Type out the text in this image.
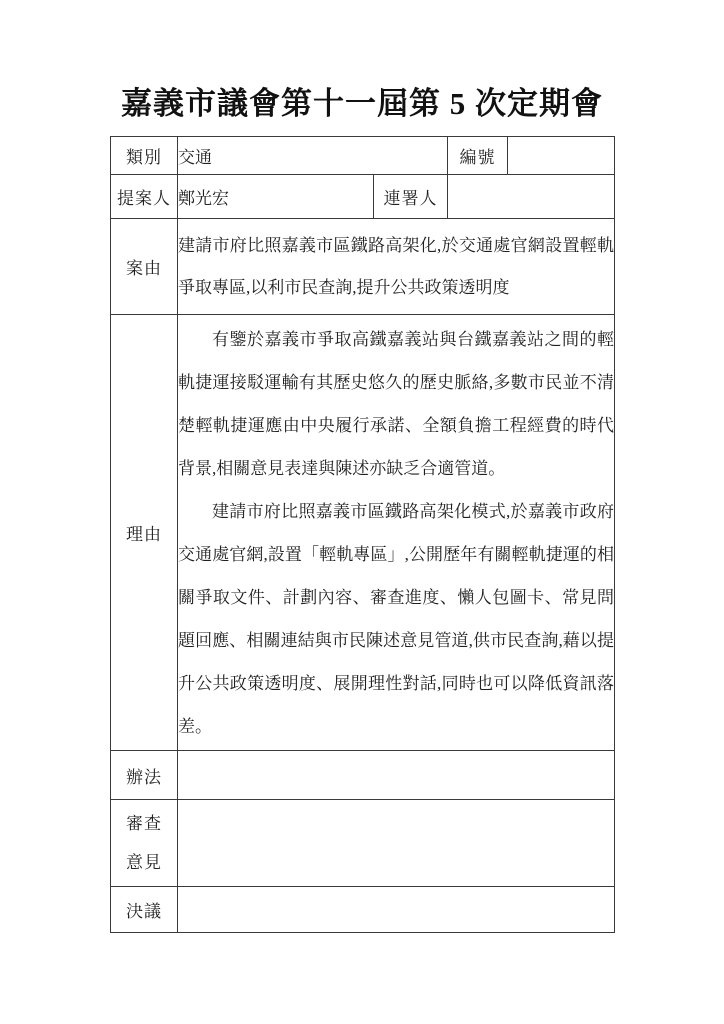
嘉義市議會第十一屆第 5 次定期會
類別	交通		編號	
提案人	鄭光宏	連署人		
案由	建請市府比照嘉義市區鐵路高架化,於交通處官網設置輕軌爭取專區,以利市民查詢,提升公共政策透明度			
理由	有鑒於嘉義市爭取高鐵嘉義站與台鐵嘉義站之間的輕軌捷運接駁運輸有其歷史悠久的歷史脈絡,多數市民並不清楚輕軌捷運應由中央履行承諾、全額負擔工程經費的時代背景,相關意見表達與陳述亦缺乏合適管道。

建請市府比照嘉義市區鐵路高架化模式,於嘉義市政府交通處官網,設置「輕軌專區」,公開歷年有關輕軌捷運的相關爭取文件、計劃內容、審查進度、懶人包圖卡、常見問題回應、相關連結與市民陳述意見管道,供市民查詢,藉以提升公共政策透明度、展開理性對話,同時也可以降低資訊落差。			

辦法				

審查
意見				

決議				
